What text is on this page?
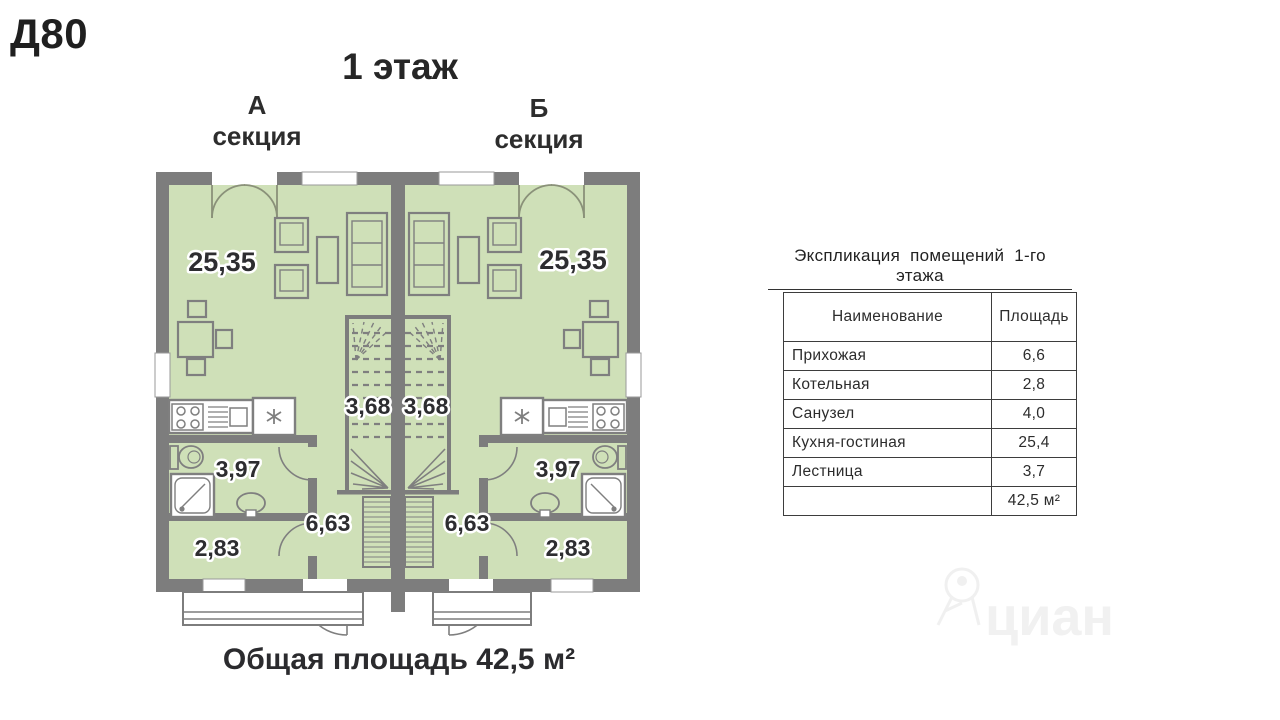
Д80
1 этаж
А
секция
Б
секция
25,35	25,35
3,68 3,68
3,97	3,97
6,63	6,63
2,83	2,83
Экспликация помещений 1-го этажа
Наименование	Площадь
Прихожая	6,6
Котельная	2,8
Санузел	4,0
Кухня-гостиная	25,4
Лестница	3,7
	42,5 м²
Общая площадь 42,5 м²
циан
